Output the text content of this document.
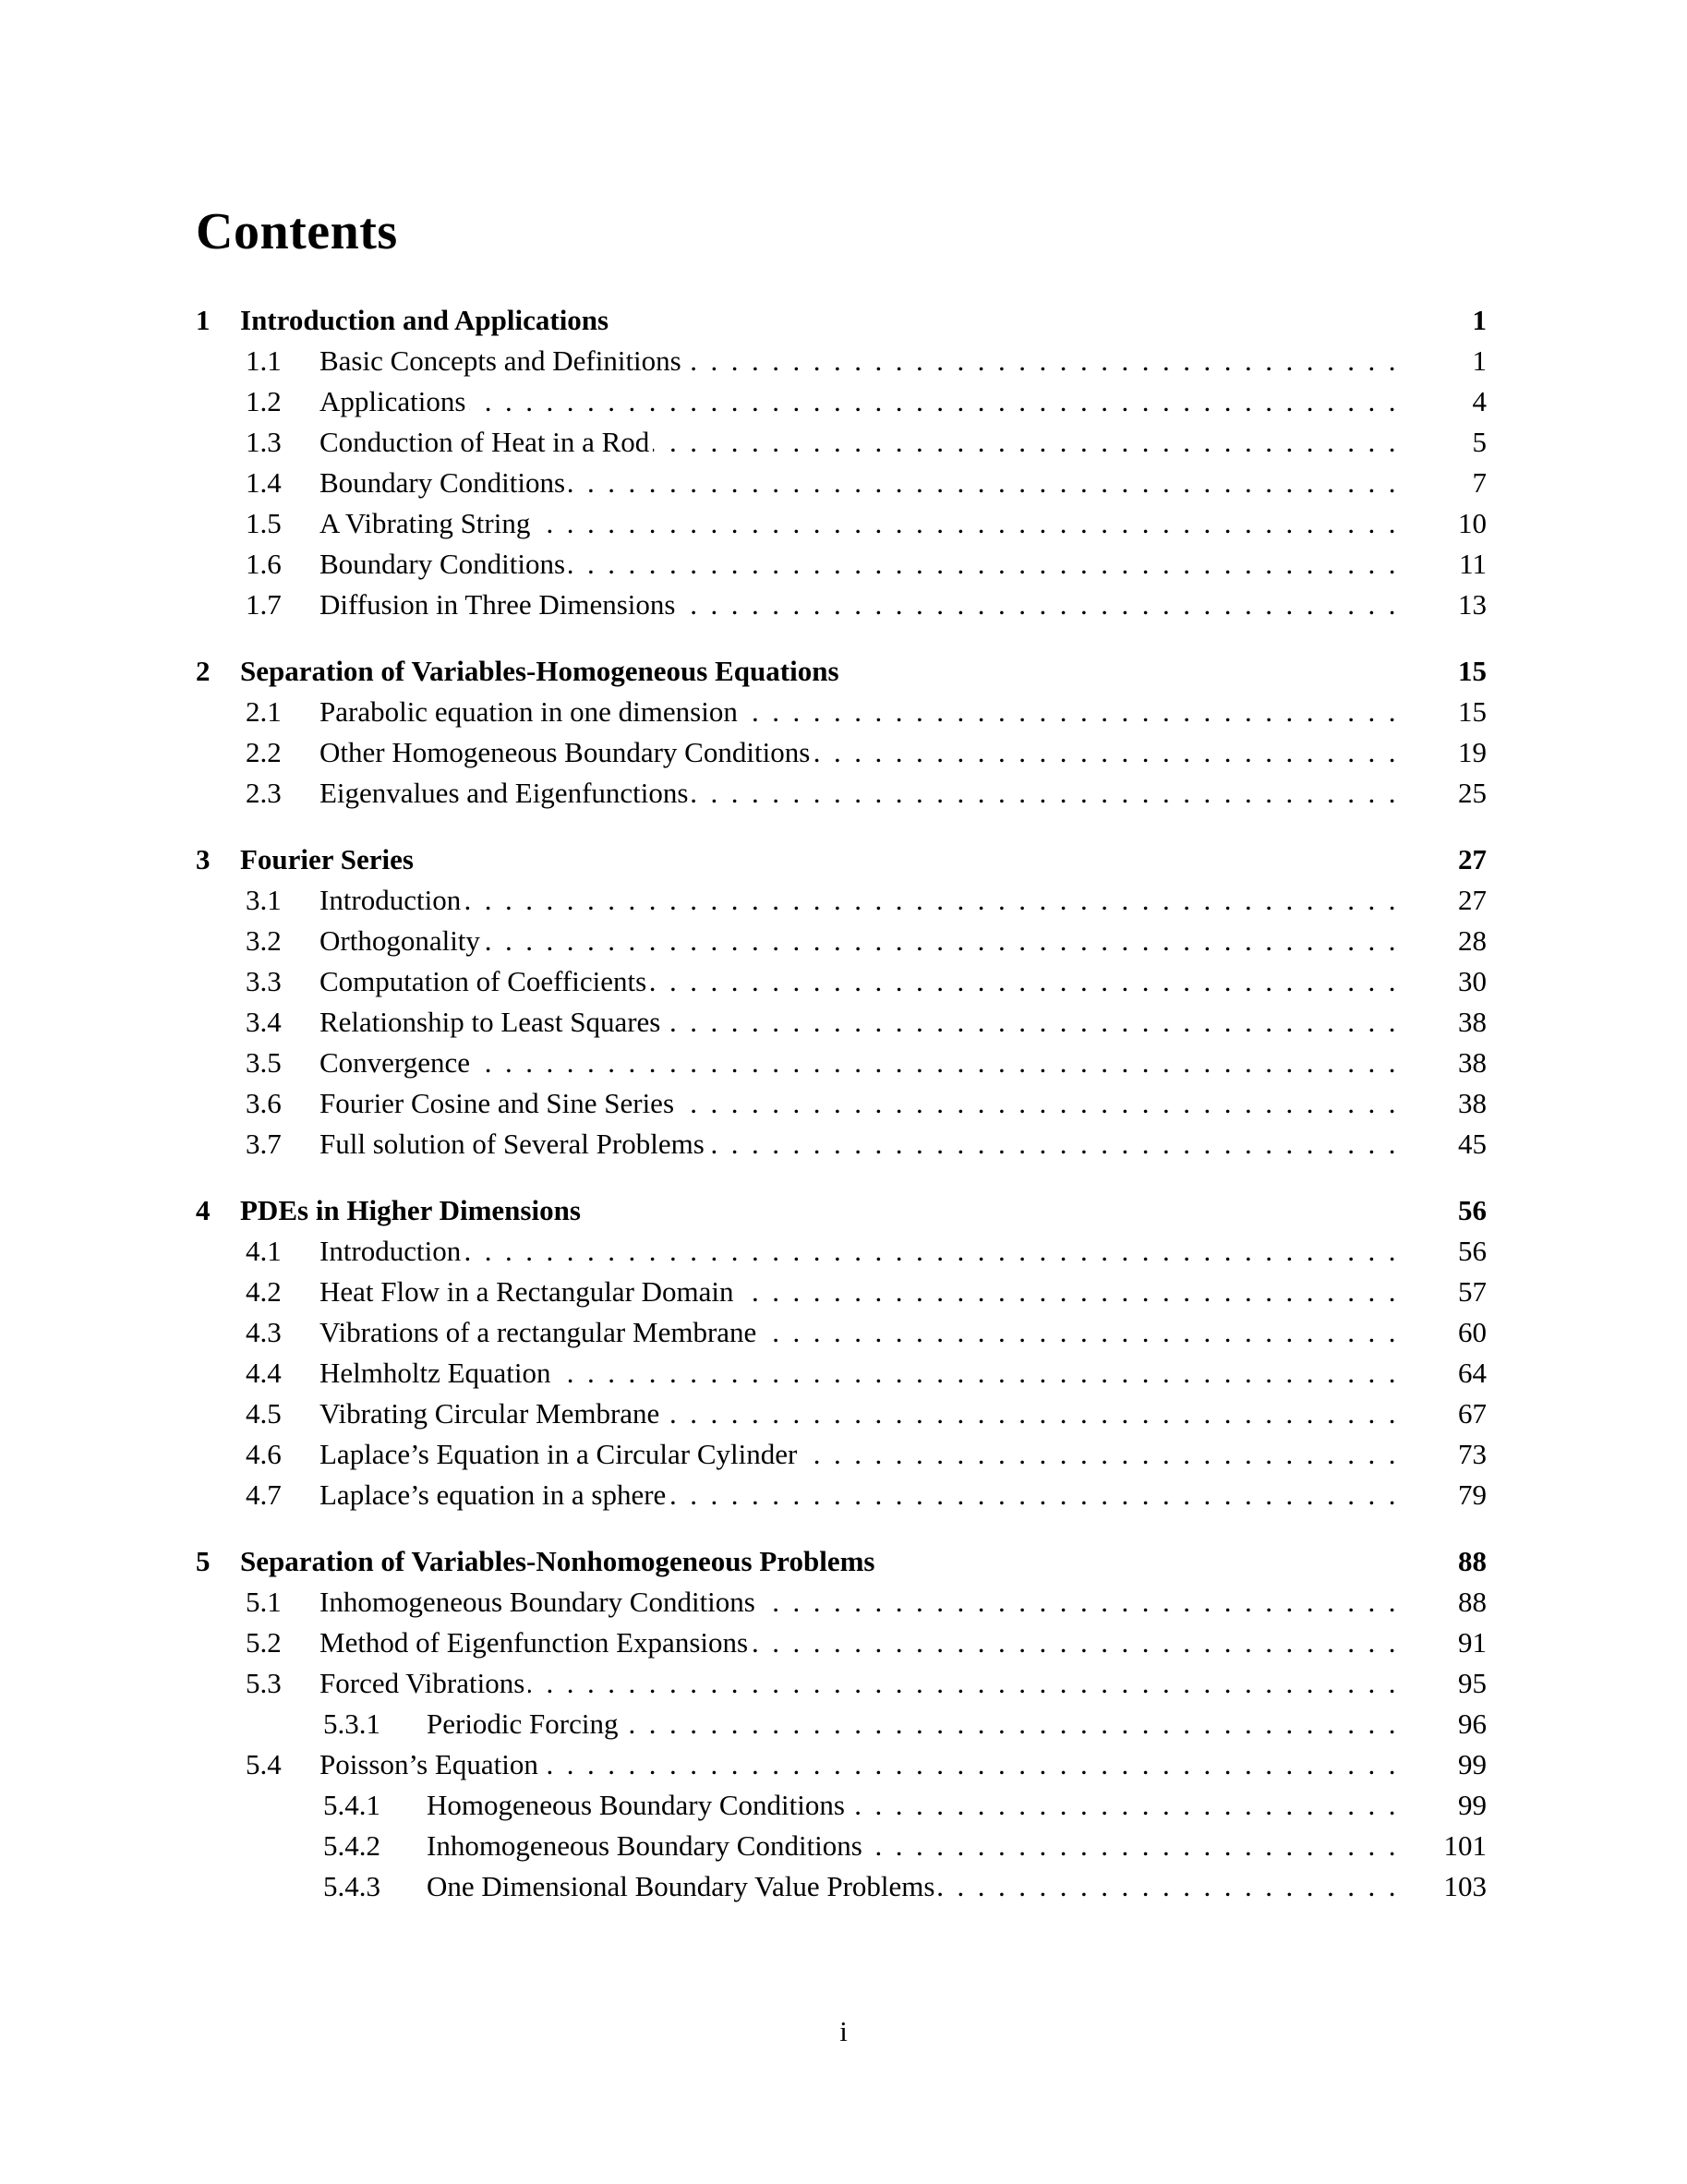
Contents
1	Introduction and Applications	1
1.1	Basic Concepts and Definitions .....	1
1.2	Applications .....	4
1.3	Conduction of Heat in a Rod .....	5
1.4	Boundary Conditions .....	7
1.5	A Vibrating String .....	10
1.6	Boundary Conditions .....	11
1.7	Diffusion in Three Dimensions .....	13
2	Separation of Variables-Homogeneous Equations	15
2.1	Parabolic equation in one dimension .....	15
2.2	Other Homogeneous Boundary Conditions .....	19
2.3	Eigenvalues and Eigenfunctions .....	25
3	Fourier Series	27
3.1	Introduction .....	27
3.2	Orthogonality .....	28
3.3	Computation of Coefficients .....	30
3.4	Relationship to Least Squares .....	38
3.5	Convergence .....	38
3.6	Fourier Cosine and Sine Series .....	38
3.7	Full solution of Several Problems .....	45
4	PDEs in Higher Dimensions	56
4.1	Introduction .....	56
4.2	Heat Flow in a Rectangular Domain .....	57
4.3	Vibrations of a rectangular Membrane .....	60
4.4	Helmholtz Equation .....	64
4.5	Vibrating Circular Membrane .....	67
4.6	Laplace’s Equation in a Circular Cylinder .....	73
4.7	Laplace’s equation in a sphere .....	79
5	Separation of Variables-Nonhomogeneous Problems	88
5.1	Inhomogeneous Boundary Conditions .....	88
5.2	Method of Eigenfunction Expansions .....	91
5.3	Forced Vibrations .....	95
5.3.1	Periodic Forcing .....	96
5.4	Poisson’s Equation .....	99
5.4.1	Homogeneous Boundary Conditions .....	99
5.4.2	Inhomogeneous Boundary Conditions .....	101
5.4.3	One Dimensional Boundary Value Problems .....	103
i
